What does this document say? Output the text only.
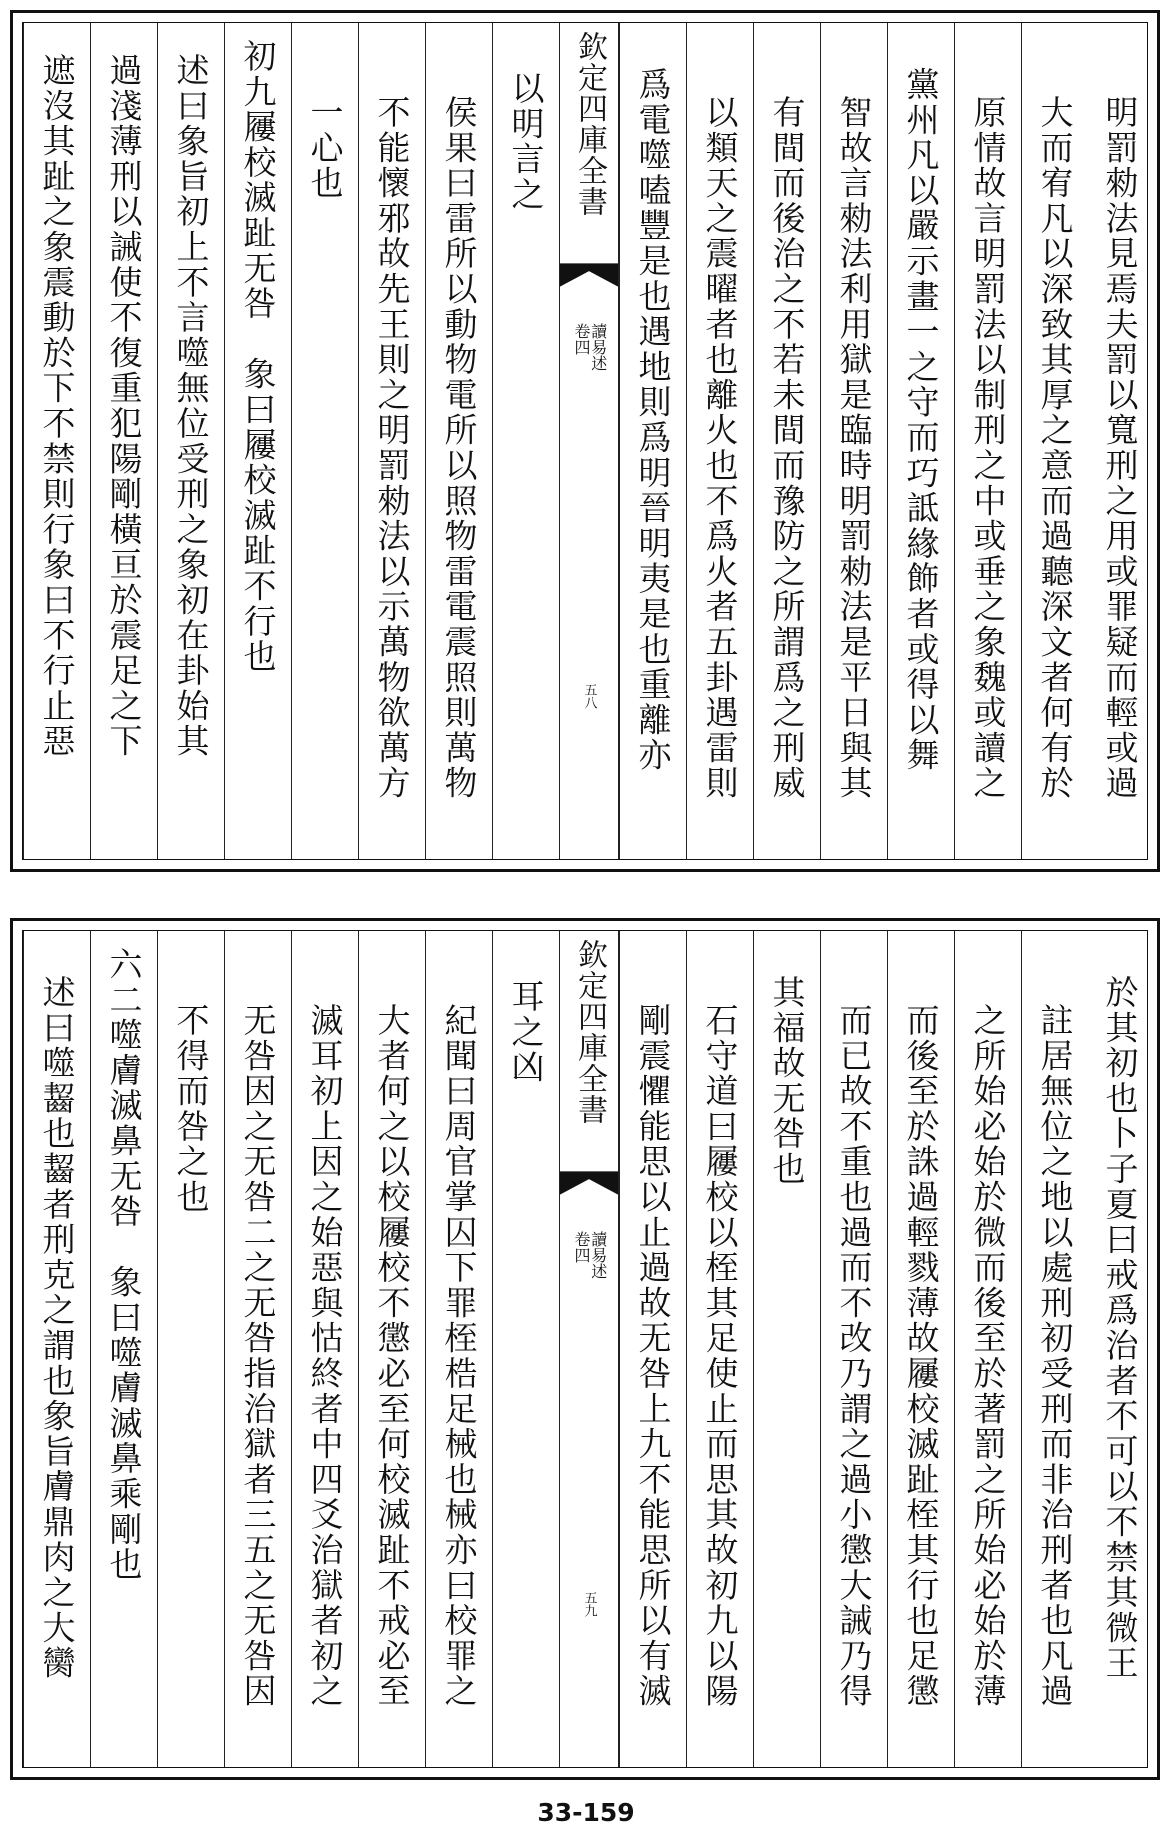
遮沒其趾之象震動於下不禁則行象曰不行止惡 過淺薄刑以誡使不復重犯陽剛橫亘於震足之下 述曰象旨初上不言噬無位受刑之象初在卦始其 初九屨校滅趾无咎　象曰屨校滅趾不行也 一心也 不能懷邪故先王則之明罰勑法以示萬物欲萬方 侯果曰雷所以動物電所以照物雷電震照則萬物 以明言之 欽定四庫全書
讀易述
卷四
五八 爲電噬嗑豐是也遇地則爲明晉明夷是也重離亦 以類天之震曜者也離火也不爲火者五卦遇雷則 有間而後治之不若未間而豫防之所謂爲之刑威 智故言勑法利用獄是臨時明罰勑法是平日與其 黨州凡以嚴示畫一之守而巧詆緣飾者或得以舞 原情故言明罰法以制刑之中或垂之象魏或讀之 大而宥凡以深致其厚之意而過聽深文者何有於 明罰勑法見焉夫罰以寬刑之用或罪疑而輕或過
述曰噬齧也齧者刑克之謂也象旨膚鼎肉之大臠 六二噬膚滅鼻无咎　象曰噬膚滅鼻乘剛也 不得而咎之也 无咎因之无咎二之无咎指治獄者三五之无咎因 滅耳初上因之始惡與怙終者中四爻治獄者初之 大者何之以校屨校不懲必至何校滅趾不戒必至 紀聞曰周官掌囚下罪桎梏足械也械亦曰校罪之 耳之凶 欽定四庫全書
讀易述
卷四
五九 剛震懼能思以止過故无咎上九不能思所以有滅 石守道曰屨校以桎其足使止而思其故初九以陽 其福故无咎也 而已故不重也過而不改乃謂之過小懲大誡乃得 而後至於誅過輕戮薄故屨校滅趾桎其行也足懲 之所始必始於微而後至於著罰之所始必始於薄 註居無位之地以處刑初受刑而非治刑者也凡過 於其初也卜子夏曰戒爲治者不可以不禁其微王
33-159
